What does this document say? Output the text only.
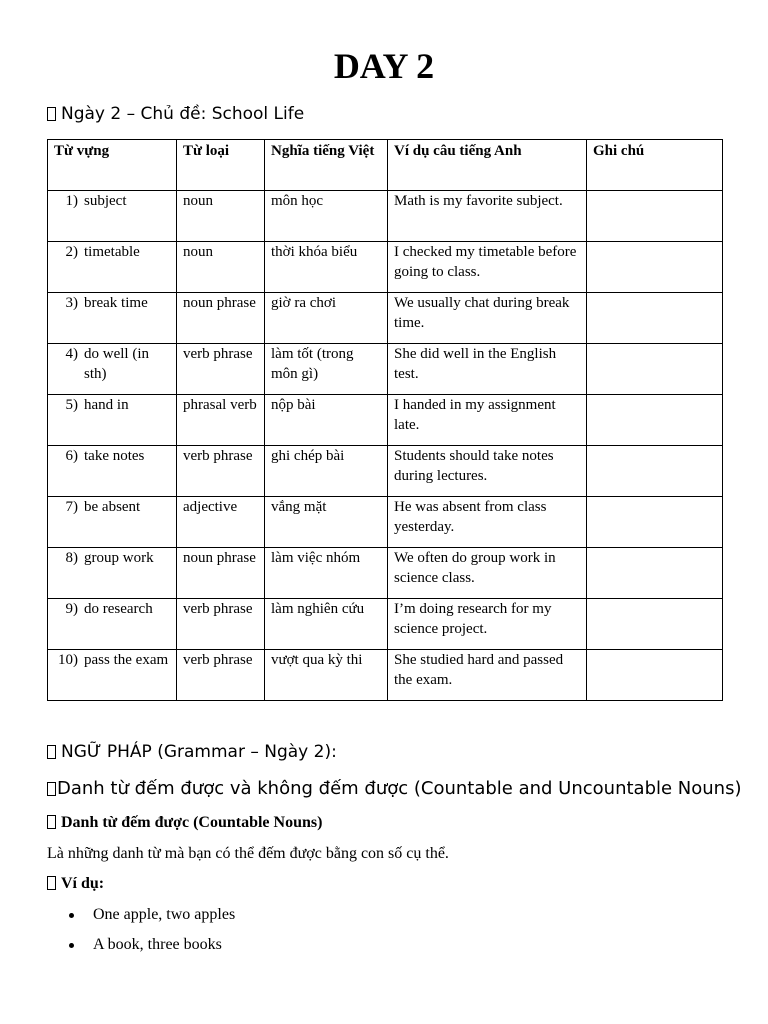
DAY 2

Ngày 2 – Chủ đề: School Life

Từ vựng	Từ loại	Nghĩa tiếng Việt	Ví dụ câu tiếng Anh	Ghi chú

1) subject	noun	môn học	Math is my favorite subject.	

2) timetable	noun	thời khóa biểu	I checked my timetable before going to class.	

3) break time	noun phrase	giờ ra chơi	We usually chat during break time.	

4) do well (in sth)	verb phrase	làm tốt (trong môn gì)	She did well in the English test.	

5) hand in	phrasal verb	nộp bài	I handed in my assignment late.	

6) take notes	verb phrase	ghi chép bài	Students should take notes during lectures.	

7) be absent	adjective	vắng mặt	He was absent from class yesterday.	

8) group work	noun phrase	làm việc nhóm	We often do group work in science class.	

9) do research	verb phrase	làm nghiên cứu	I’m doing research for my science project.	

10) pass the exam	verb phrase	vượt qua kỳ thi	She studied hard and passed the exam.	

NGỮ PHÁP (Grammar – Ngày 2):

Danh từ đếm được và không đếm được (Countable and Uncountable Nouns)

Danh từ đếm được (Countable Nouns)

Là những danh từ mà bạn có thể đếm được bằng con số cụ thể.

Ví dụ:

One apple, two apples
A book, three books
